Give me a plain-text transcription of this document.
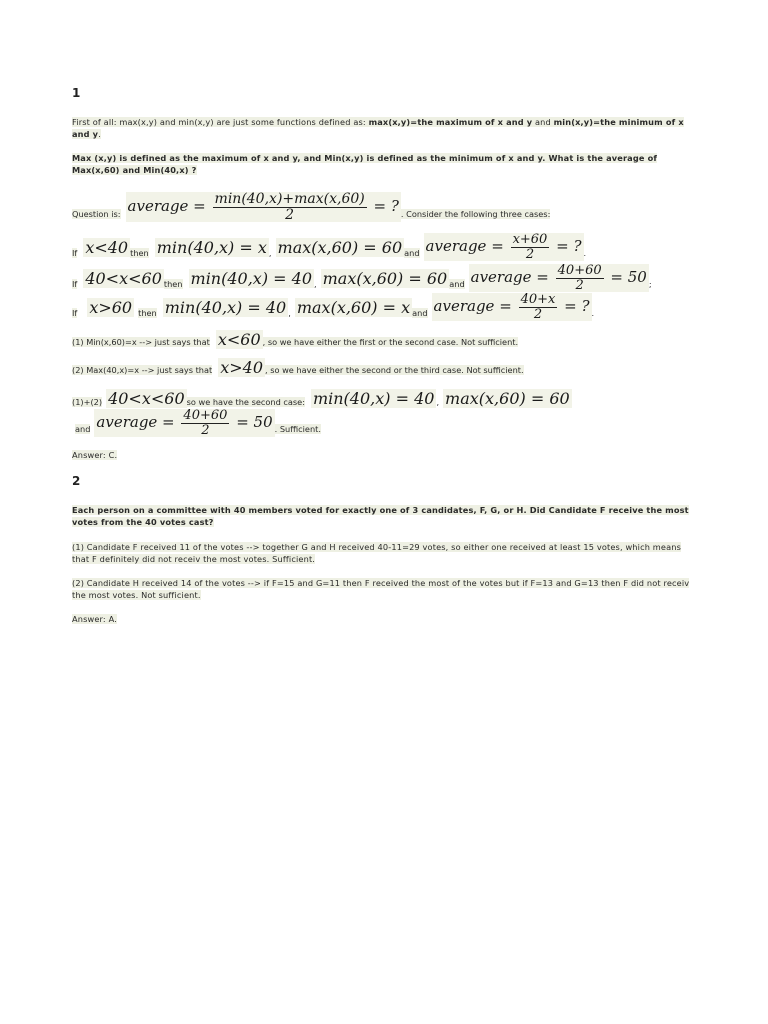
1
First of all: max(x,y) and min(x,y) are just some functions defined as: max(x,y)=the maximum of x and y and min(x,y)=the minimum of x and y.
Max (x,y) is defined as the maximum of x and y, and Min(x,y) is defined as the minimum of x and y. What is the average of Max(x,60) and Min(40,x) ?
Question is: average = $\frac{\min(40,x)+\max(x,60)}{2}$ = ? . Consider the following three cases:
If x<40 then min(40,x) = x , max(x,60) = 60 and average = $\frac{x+60}{2}$ = ? .
If 40<x<60 then min(40,x) = 40 , max(x,60) = 60 and average = $\frac{40+60}{2} = 50$ ;
If x>60 then min(40,x) = 40 , max(x,60) = x and average = $\frac{40+x}{2}$ = ? .
(1) Min(x,60)=x --> just says that x<60 , so we have either the first or the second case. Not sufficient.
(2) Max(40,x)=x --> just says that x>40 , so we have either the second or the third case. Not sufficient.
(1)+(2) 40<x<60 so we have the second case: min(40,x) = 40 , max(x,60) = 60
and average = $\frac{40+60}{2} = 50$ . Sufficient.
Answer: C.
2
Each person on a committee with 40 members voted for exactly one of 3 candidates, F, G, or H. Did Candidate F receive the most votes from the 40 votes cast?
(1) Candidate F received 11 of the votes --> together G and H received 40-11=29 votes, so either one received at least 15 votes, which means that F definitely did not receiv the most votes. Sufficient.
(2) Candidate H received 14 of the votes --> if F=15 and G=11 then F received the most of the votes but if F=13 and G=13 then F did not receiv the most votes. Not sufficient.
Answer: A.
